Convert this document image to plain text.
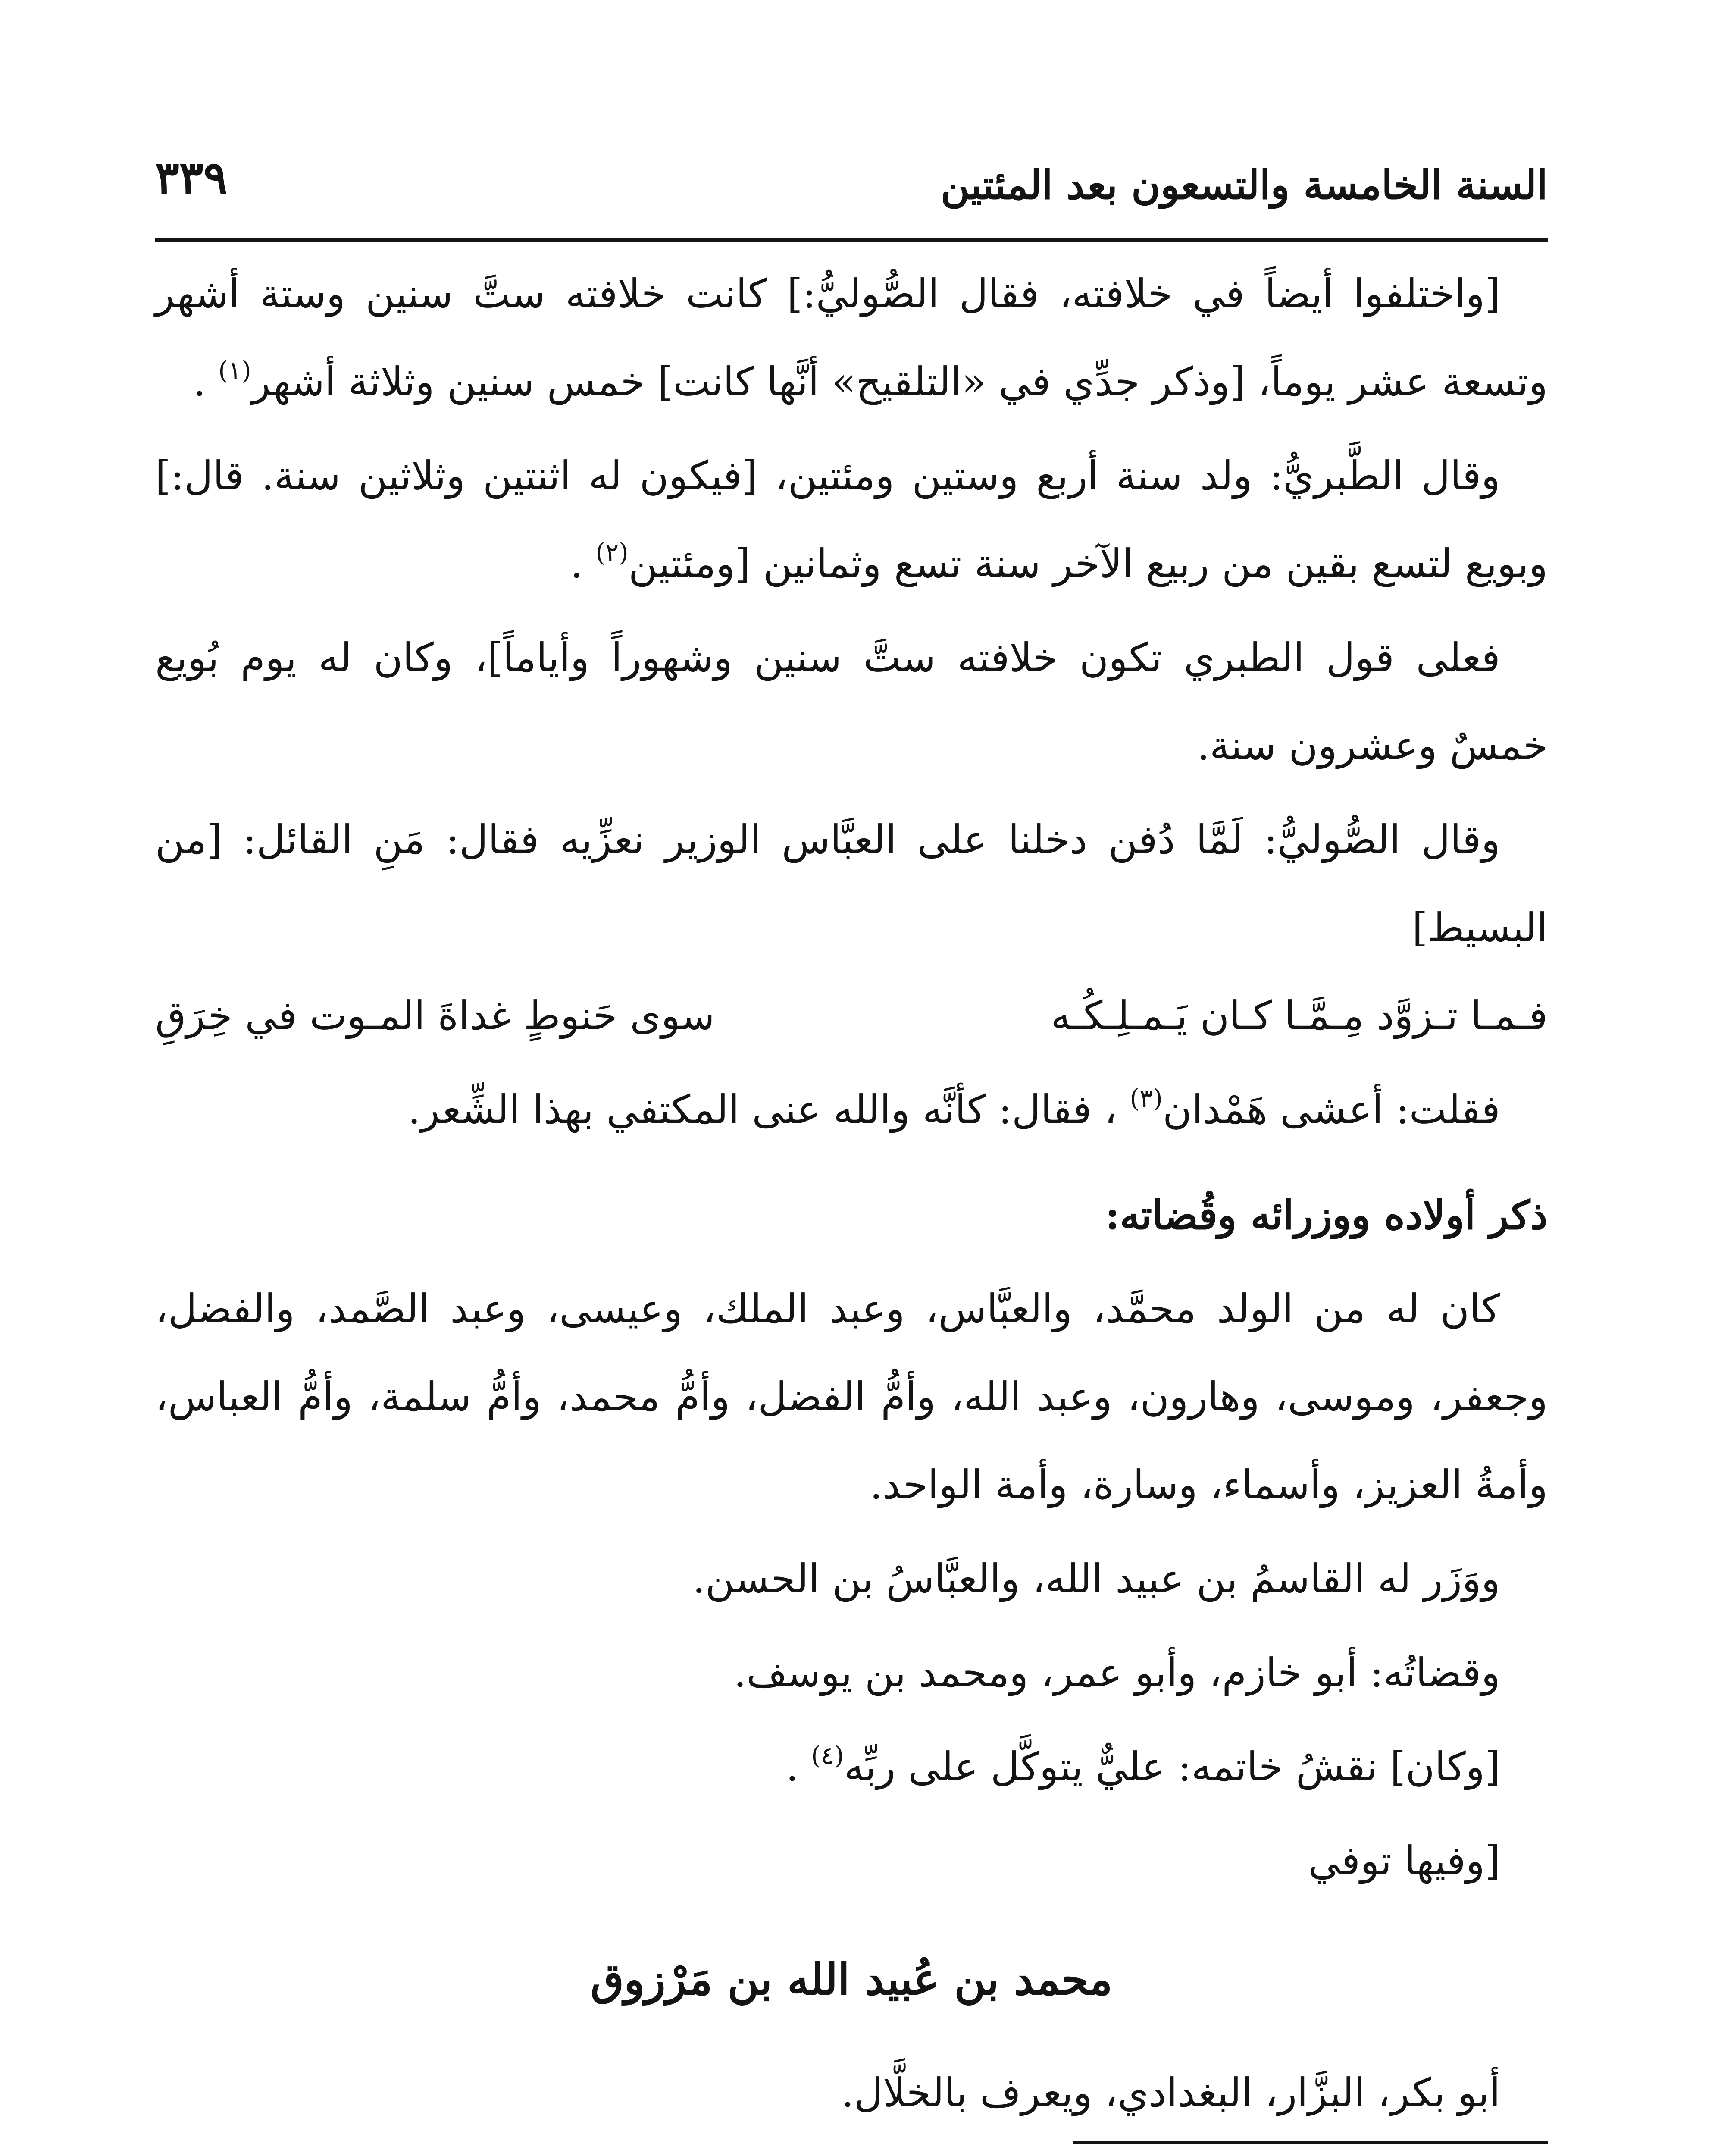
السنة الخامسة والتسعون بعد المئتين
٣٣٩

[واختلفوا أيضاً في خلافته، فقال الصُّوليُّ:] كانت خلافته ستَّ سنين وستة أشهر وتسعة عشر يوماً، [وذكر جدِّي في «التلقيح» أنَّها كانت] خمس سنين وثلاثة أشهر$^{(١)}$ .

وقال الطَّبريُّ: ولد سنة أربع وستين ومئتين، [فيكون له اثنتين وثلاثين سنة. قال:] وبويع لتسع بقين من ربيع الآخر سنة تسع وثمانين [ومئتين$^{(٢)}$ .

فعلى قول الطبري تكون خلافته ستَّ سنين وشهوراً وأياماً]، وكان له يوم بُويع خمسٌ وعشرون سنة.

وقال الصُّوليُّ: لَمَّا دُفن دخلنا على العبَّاس الوزير نعزِّيه فقال: مَنِ القائل: [من البسيط]

فـمـا تـزوَّد مِـمَّـا كـان يَـمـلِـكُـه
سوى حَنوطٍ غداةَ المـوت في خِرَقِ

فقلت: أعشى هَمْدان$^{(٣)}$ ، فقال: كأنَّه والله عنى المكتفي بهذا الشِّعر.

ذكر أولاده ووزرائه وقُضاته:

كان له من الولد محمَّد، والعبَّاس، وعبد الملك، وعيسى، وعبد الصَّمد، والفضل، وجعفر، وموسى، وهارون، وعبد الله، وأمُّ الفضل، وأمُّ محمد، وأمُّ سلمة، وأمُّ العباس، وأمةُ العزيز، وأسماء، وسارة، وأمة الواحد.

ووَزَر له القاسمُ بن عبيد الله، والعبَّاسُ بن الحسن.

وقضاتُه: أبو خازم، وأبو عمر، ومحمد بن يوسف.

[وكان] نقشُ خاتمه: عليٌّ يتوكَّل على ربِّه$^{(٤)}$ .

[وفيها توفي

محمد بن عُبيد الله بن مَرْزوق

أبو بكر، البزَّار، البغدادي، ويعرف بالخلَّال.
